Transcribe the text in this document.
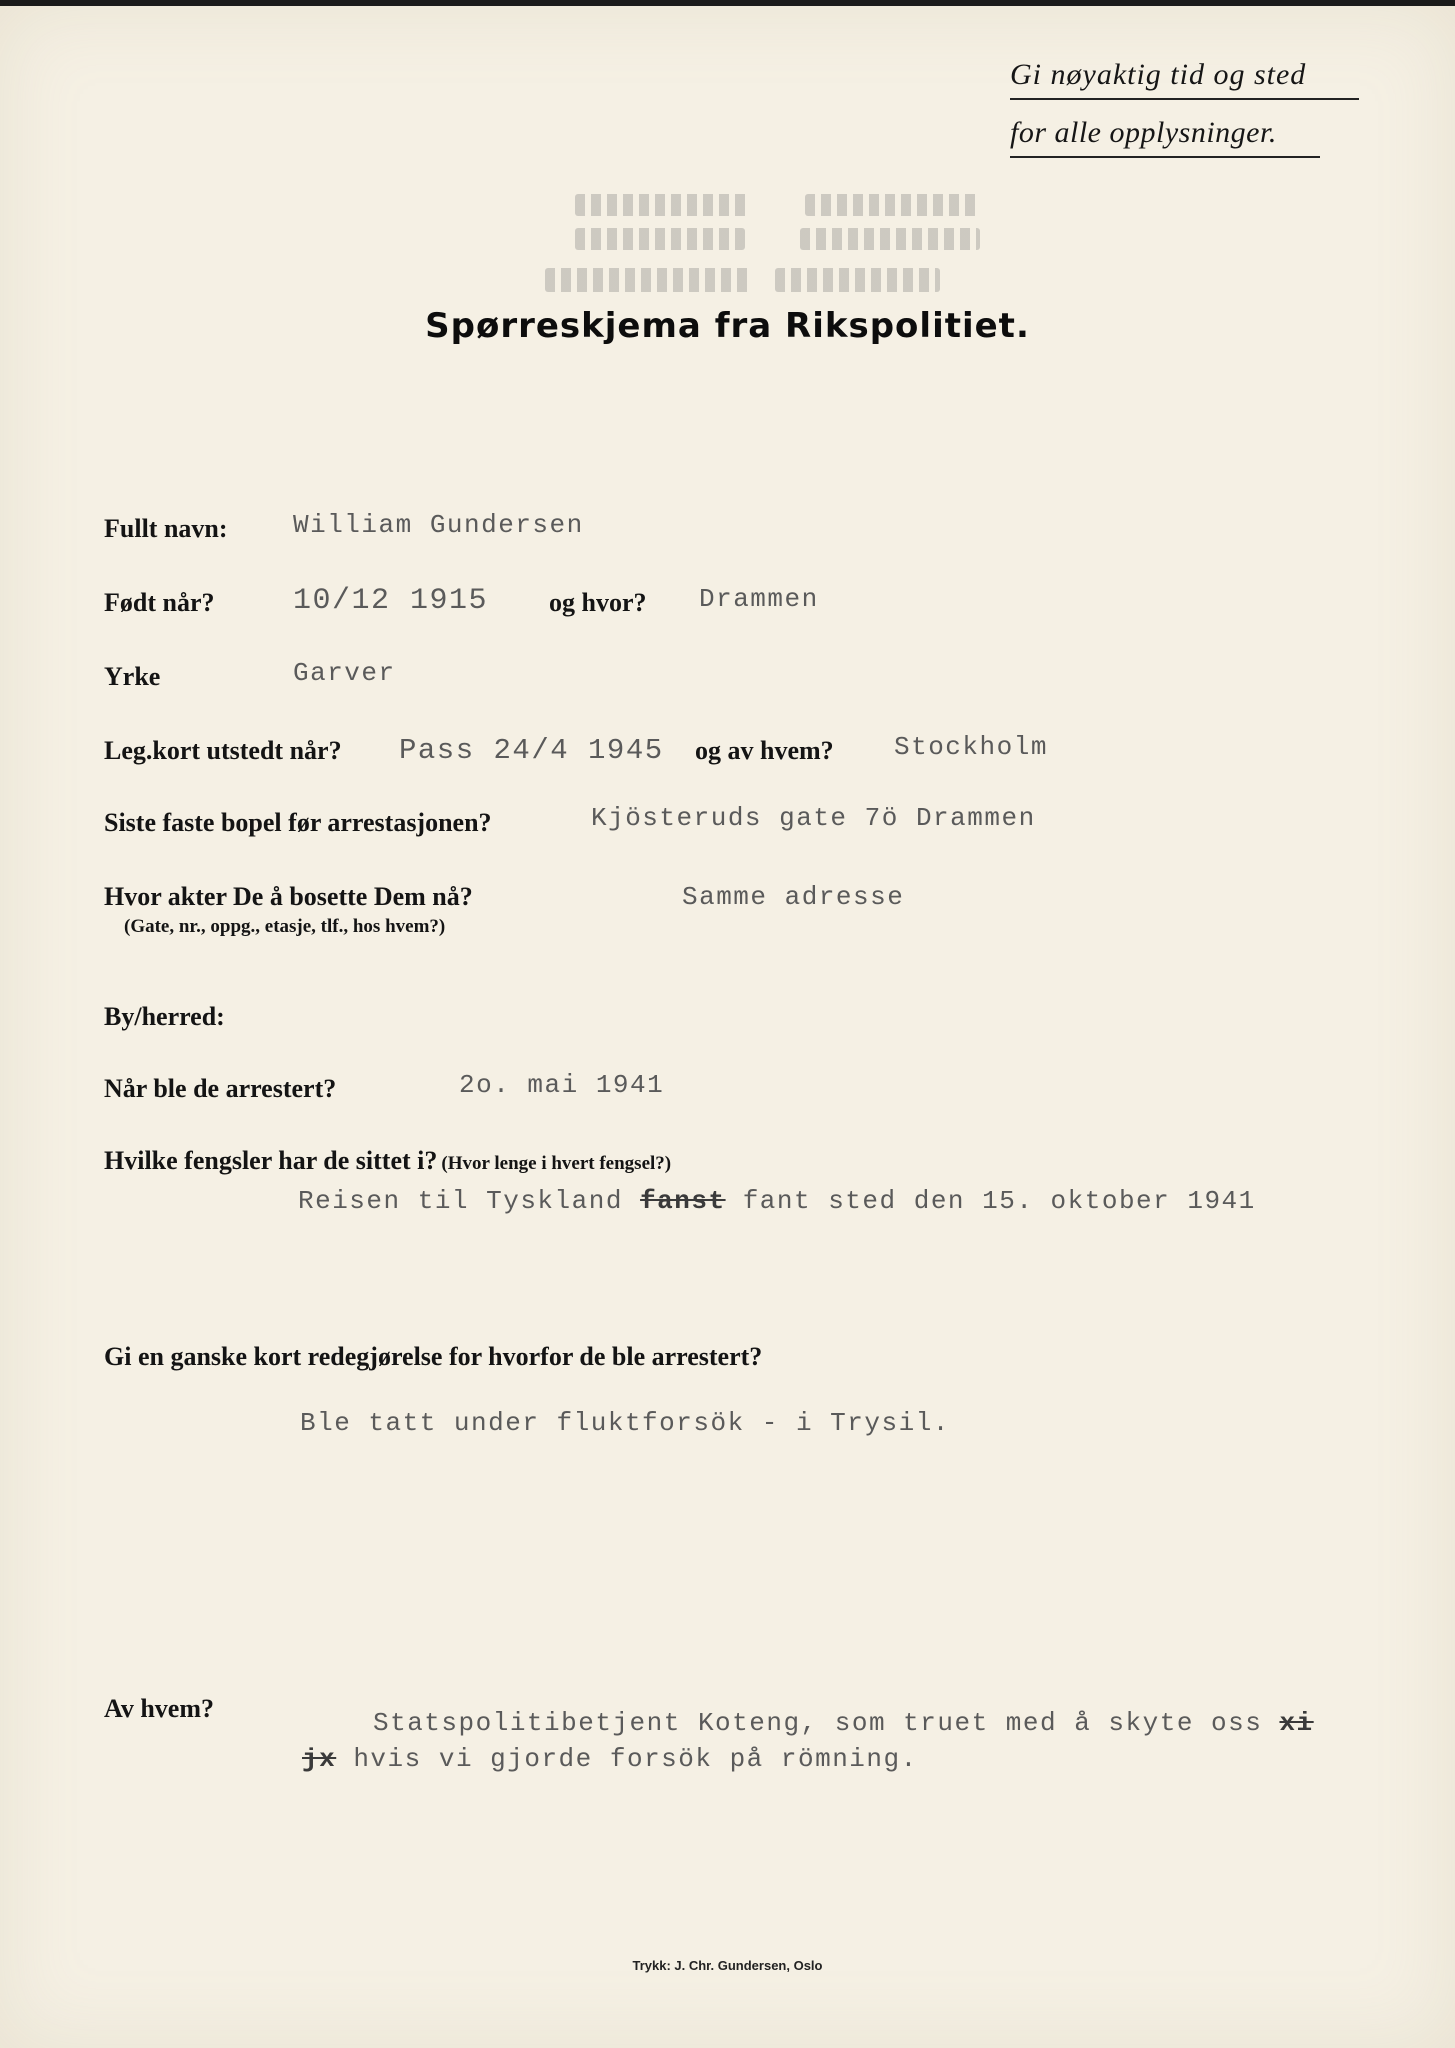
Gi nøyaktig tid og sted
for alle opplysninger.
Spørreskjema fra Rikspolitiet.
Fullt navn:	William Gundersen
Født når?	10/12 1915 og hvor? Drammen
Yrke	Garver
Leg.kort utstedt når? Pass 24/4 1945 og av hvem? Stockholm
Siste faste bopel før arrestasjonen?	Kjösteruds gate 7ö Drammen
Hvor akter De å bosette Dem nå?
(Gate, nr., oppg., etasje, tlf., hos hvem?)
Samme adresse
By/herred:
Når ble de arrestert?	2o. mai 1941
Hvilke fengsler har de sittet i? (Hvor lenge i hvert fengsel?)
Reisen til Tyskland fanst fant sted den 15. oktober 1941
Gi en ganske kort redegjørelse for hvorfor de ble arrestert?
Ble tatt under fluktforsök - i Trysil.
Av hvem?	Statspolitibetjent Koteng, som truet med å skyte oss xi
jx hvis vi gjorde forsök på römning.
Trykk: J. Chr. Gundersen, Oslo
